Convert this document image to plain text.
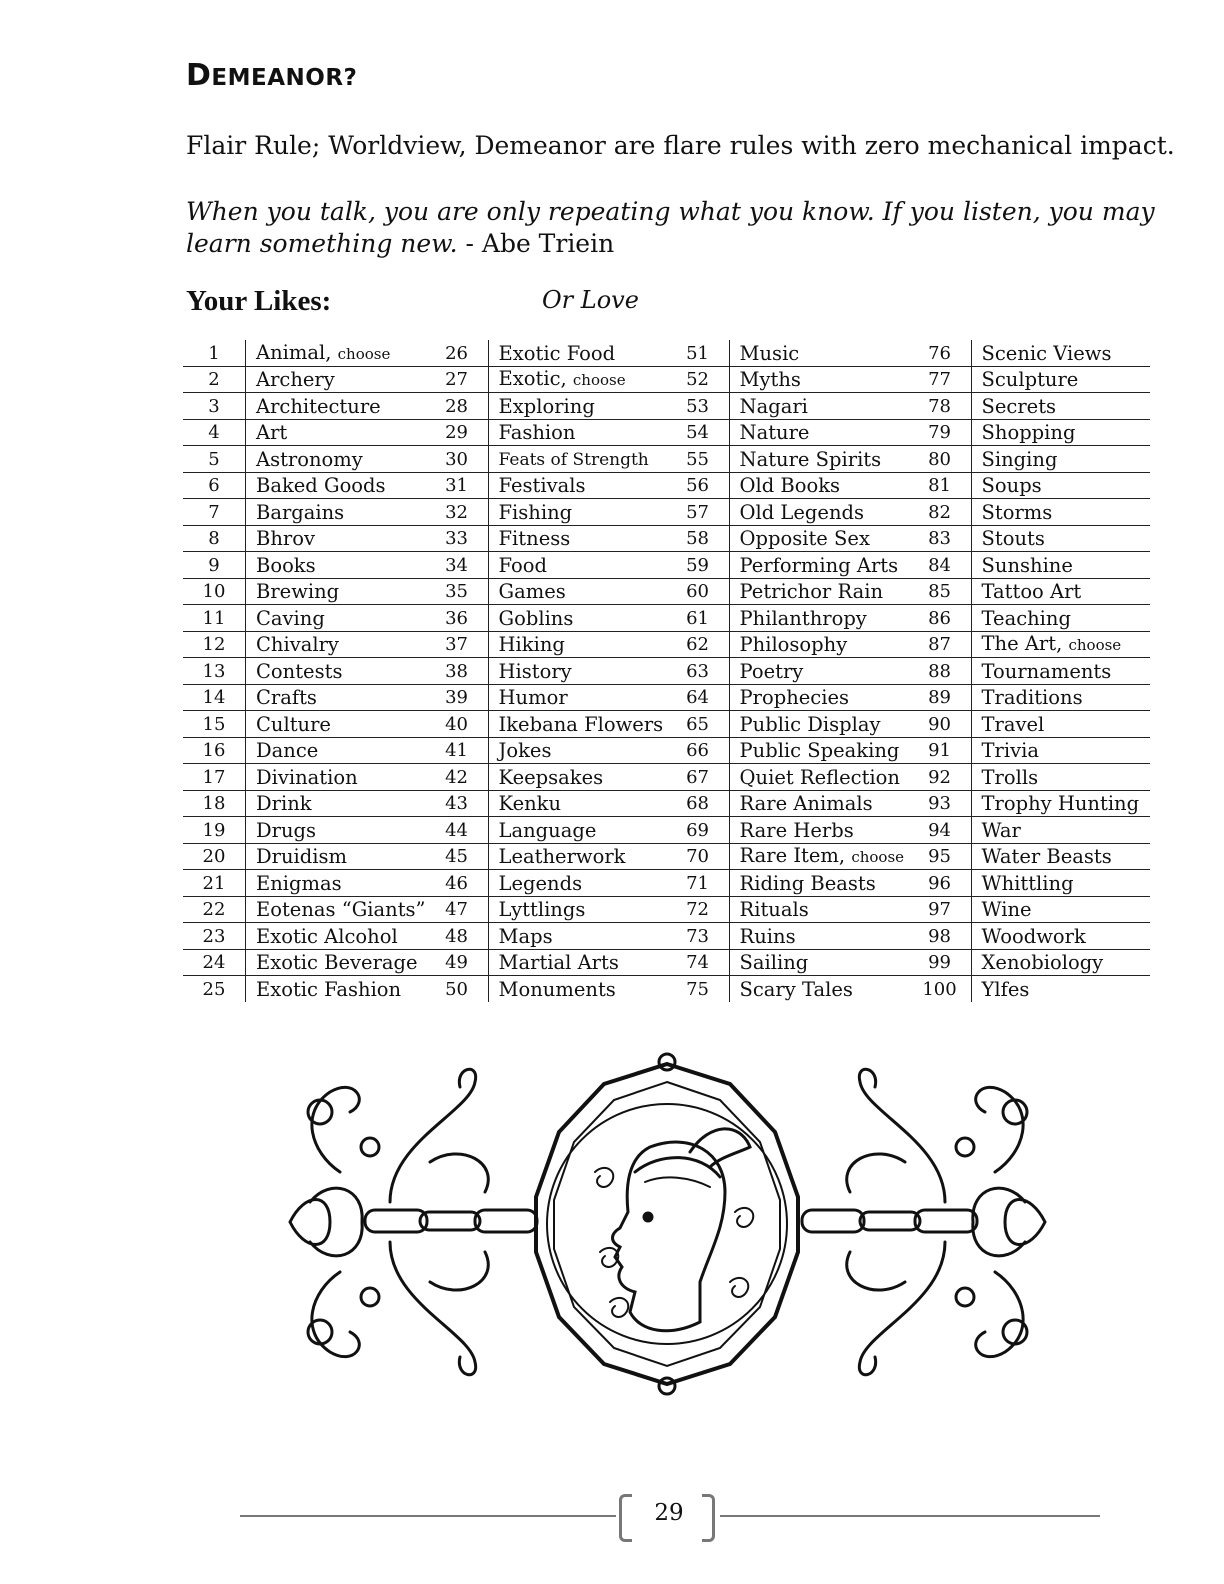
DEMEANOR?

Flair Rule; Worldview, Demeanor are flare rules with zero mechanical impact.

When you talk, you are only repeating what you know. If you listen, you may learn something new. - Abe Triein

Your Likes:	Or Love

1	Animal, choose	26	Exotic Food	51	Music	76	Scenic Views
2	Archery	27	Exotic, choose	52	Myths	77	Sculpture
3	Architecture	28	Exploring	53	Nagari	78	Secrets
4	Art	29	Fashion	54	Nature	79	Shopping
5	Astronomy	30	Feats of Strength	55	Nature Spirits	80	Singing
6	Baked Goods	31	Festivals	56	Old Books	81	Soups
7	Bargains	32	Fishing	57	Old Legends	82	Storms
8	Bhrov	33	Fitness	58	Opposite Sex	83	Stouts
9	Books	34	Food	59	Performing Arts	84	Sunshine
10	Brewing	35	Games	60	Petrichor Rain	85	Tattoo Art
11	Caving	36	Goblins	61	Philanthropy	86	Teaching
12	Chivalry	37	Hiking	62	Philosophy	87	The Art, choose
13	Contests	38	History	63	Poetry	88	Tournaments
14	Crafts	39	Humor	64	Prophecies	89	Traditions
15	Culture	40	Ikebana Flowers	65	Public Display	90	Travel
16	Dance	41	Jokes	66	Public Speaking	91	Trivia
17	Divination	42	Keepsakes	67	Quiet Reflection	92	Trolls
18	Drink	43	Kenku	68	Rare Animals	93	Trophy Hunting
19	Drugs	44	Language	69	Rare Herbs	94	War
20	Druidism	45	Leatherwork	70	Rare Item, choose	95	Water Beasts
21	Enigmas	46	Legends	71	Riding Beasts	96	Whittling
22	Eotenas “Giants”	47	Lyttlings	72	Rituals	97	Wine
23	Exotic Alcohol	48	Maps	73	Ruins	98	Woodwork
24	Exotic Beverage	49	Martial Arts	74	Sailing	99	Xenobiology
25	Exotic Fashion	50	Monuments	75	Scary Tales	100	Ylfes

29
